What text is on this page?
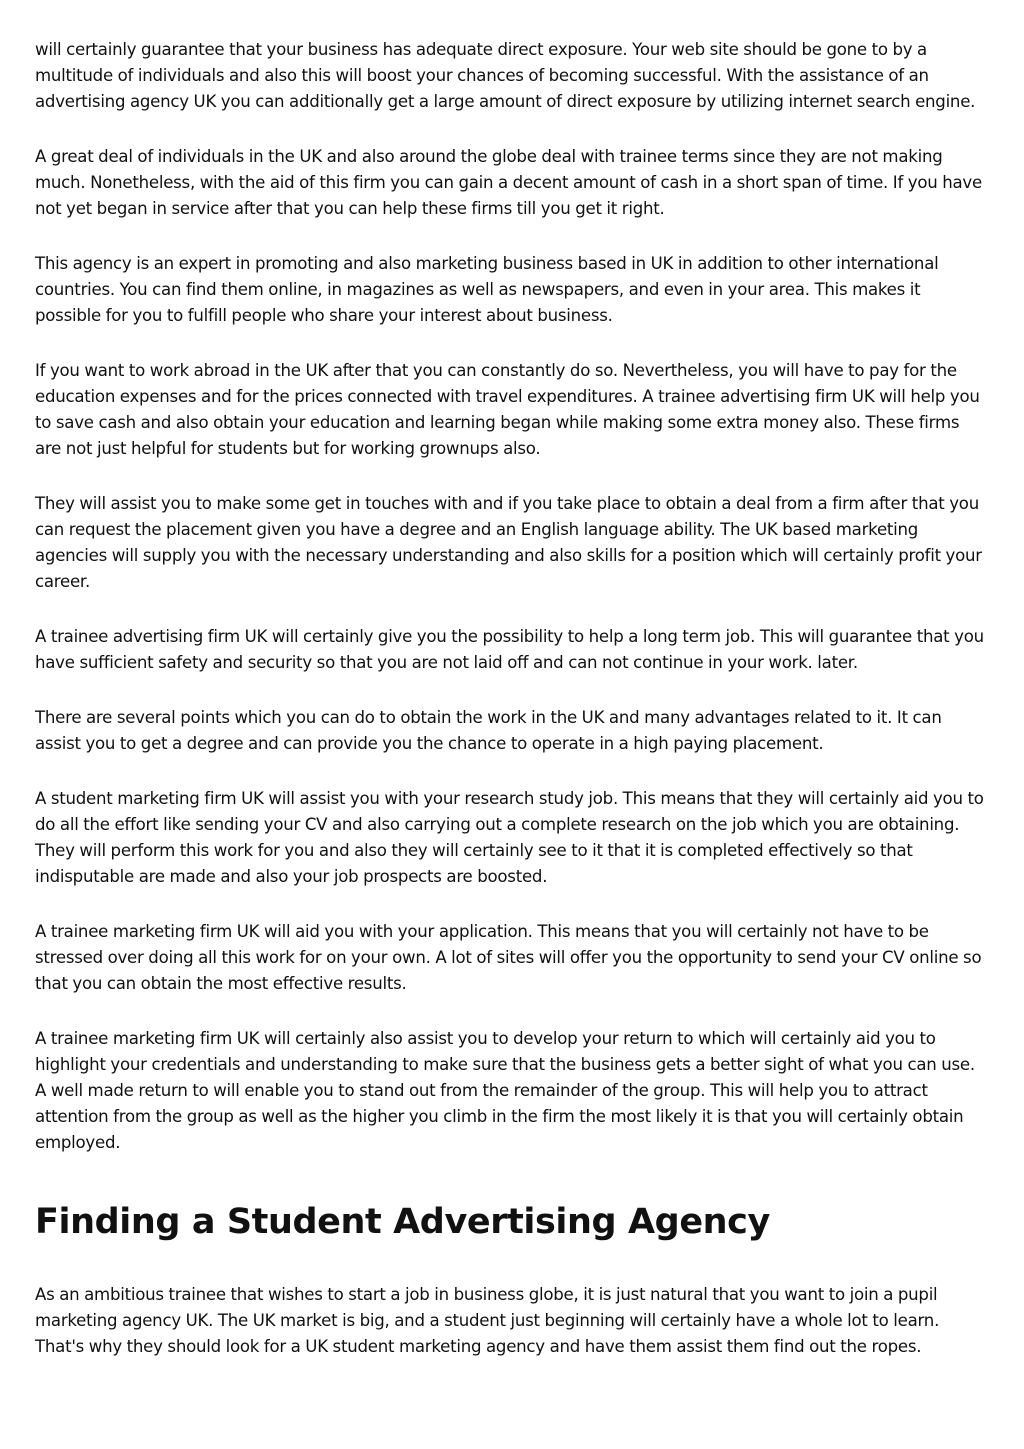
will certainly guarantee that your business has adequate direct exposure. Your web site should be gone to by a multitude of individuals and also this will boost your chances of becoming successful. With the assistance of an advertising agency UK you can additionally get a large amount of direct exposure by utilizing internet search engine.

A great deal of individuals in the UK and also around the globe deal with trainee terms since they are not making much. Nonetheless, with the aid of this firm you can gain a decent amount of cash in a short span of time. If you have not yet began in service after that you can help these firms till you get it right.

This agency is an expert in promoting and also marketing business based in UK in addition to other international countries. You can find them online, in magazines as well as newspapers, and even in your area. This makes it possible for you to fulfill people who share your interest about business.

If you want to work abroad in the UK after that you can constantly do so. Nevertheless, you will have to pay for the education expenses and for the prices connected with travel expenditures. A trainee advertising firm UK will help you to save cash and also obtain your education and learning began while making some extra money also. These firms are not just helpful for students but for working grownups also.

They will assist you to make some get in touches with and if you take place to obtain a deal from a firm after that you can request the placement given you have a degree and an English language ability. The UK based marketing agencies will supply you with the necessary understanding and also skills for a position which will certainly profit your career.

A trainee advertising firm UK will certainly give you the possibility to help a long term job. This will guarantee that you have sufficient safety and security so that you are not laid off and can not continue in your work. later.

There are several points which you can do to obtain the work in the UK and many advantages related to it. It can assist you to get a degree and can provide you the chance to operate in a high paying placement.

A student marketing firm UK will assist you with your research study job. This means that they will certainly aid you to do all the effort like sending your CV and also carrying out a complete research on the job which you are obtaining. They will perform this work for you and also they will certainly see to it that it is completed effectively so that indisputable are made and also your job prospects are boosted.

A trainee marketing firm UK will aid you with your application. This means that you will certainly not have to be stressed over doing all this work for on your own. A lot of sites will offer you the opportunity to send your CV online so that you can obtain the most effective results.

A trainee marketing firm UK will certainly also assist you to develop your return to which will certainly aid you to highlight your credentials and understanding to make sure that the business gets a better sight of what you can use. A well made return to will enable you to stand out from the remainder of the group. This will help you to attract attention from the group as well as the higher you climb in the firm the most likely it is that you will certainly obtain employed.

Finding a Student Advertising Agency

As an ambitious trainee that wishes to start a job in business globe, it is just natural that you want to join a pupil marketing agency UK. The UK market is big, and a student just beginning will certainly have a whole lot to learn. That's why they should look for a UK student marketing agency and have them assist them find out the ropes.
